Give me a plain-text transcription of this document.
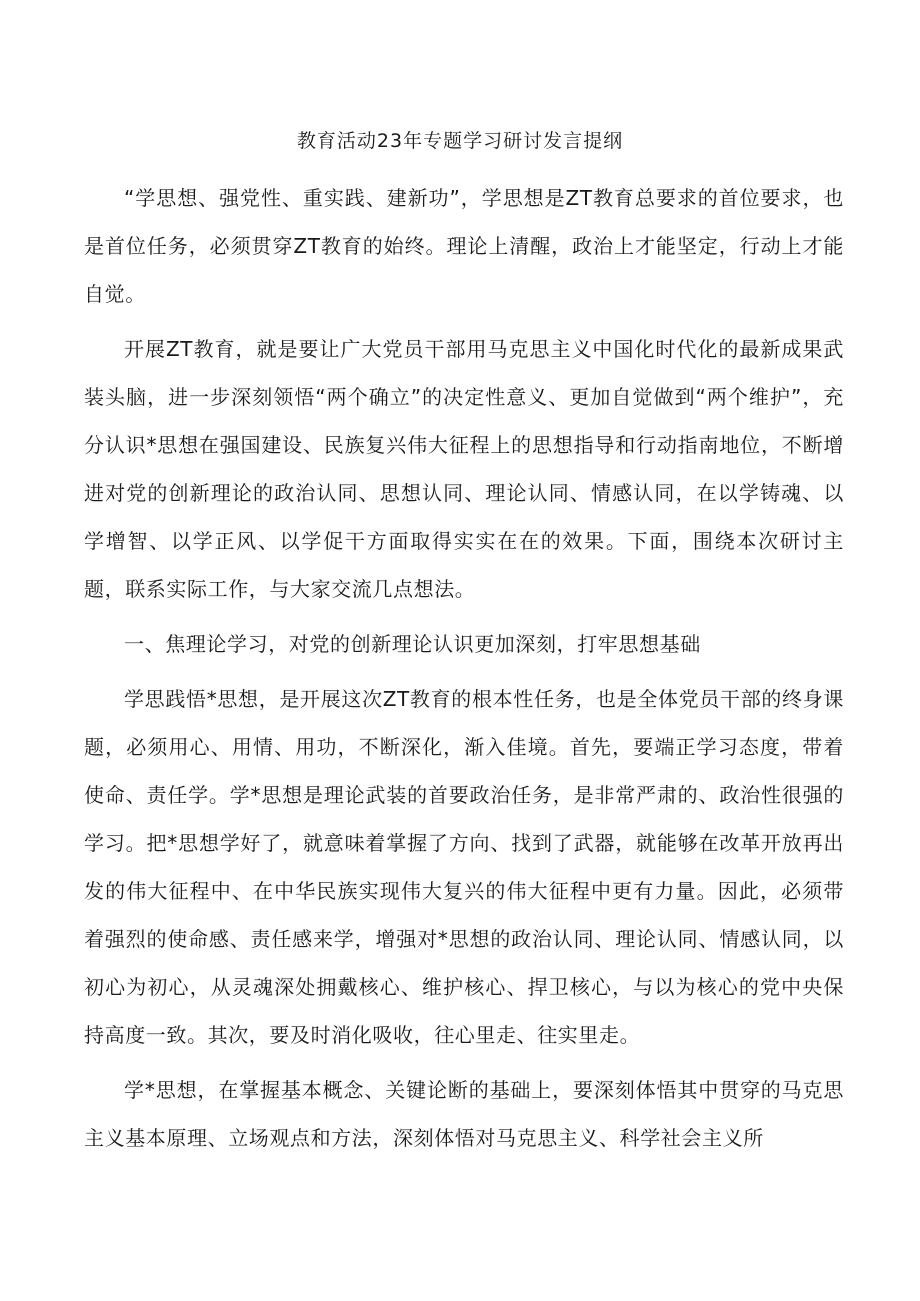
教育活动23年专题学习研讨发言提纲

“学思想、强党性、重实践、建新功”，学思想是ZT教育总要求的首位要求，也是首位任务，必须贯穿ZT教育的始终。理论上清醒，政治上才能坚定，行动上才能自觉。

开展ZT教育，就是要让广大党员干部用马克思主义中国化时代化的最新成果武装头脑，进一步深刻领悟“两个确立”的决定性意义、更加自觉做到“两个维护”，充分认识*思想在强国建设、民族复兴伟大征程上的思想指导和行动指南地位，不断增进对党的创新理论的政治认同、思想认同、理论认同、情感认同，在以学铸魂、以学增智、以学正风、以学促干方面取得实实在在的效果。下面，围绕本次研讨主题，联系实际工作，与大家交流几点想法。

一、焦理论学习，对党的创新理论认识更加深刻，打牢思想基础

学思践悟*思想，是开展这次ZT教育的根本性任务，也是全体党员干部的终身课题，必须用心、用情、用功，不断深化，渐入佳境。首先，要端正学习态度，带着使命、责任学。学*思想是理论武装的首要政治任务，是非常严肃的、政治性很强的学习。把*思想学好了，就意味着掌握了方向、找到了武器，就能够在改革开放再出发的伟大征程中、在中华民族实现伟大复兴的伟大征程中更有力量。因此，必须带着强烈的使命感、责任感来学，增强对*思想的政治认同、理论认同、情感认同，以初心为初心，从灵魂深处拥戴核心、维护核心、捍卫核心，与以为核心的党中央保持高度一致。其次，要及时消化吸收，往心里走、往实里走。

学*思想，在掌握基本概念、关键论断的基础上，要深刻体悟其中贯穿的马克思主义基本原理、立场观点和方法，深刻体悟对马克思主义、科学社会主义所
